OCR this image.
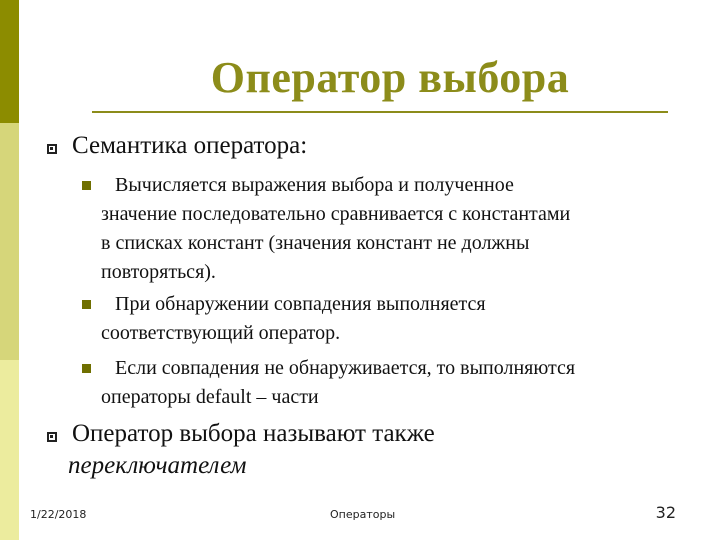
Оператор выбора
Семантика оператора:
Вычисляется выражения выбора и полученное
значение последовательно сравнивается с константами
в списках констант (значения констант не должны
повторяться).
При обнаружении совпадения выполняется
соответствующий оператор.
Если совпадения не обнаруживается, то выполняются
операторы default – части
Оператор выбора называют также
переключателем
1/22/2018	Операторы	32
